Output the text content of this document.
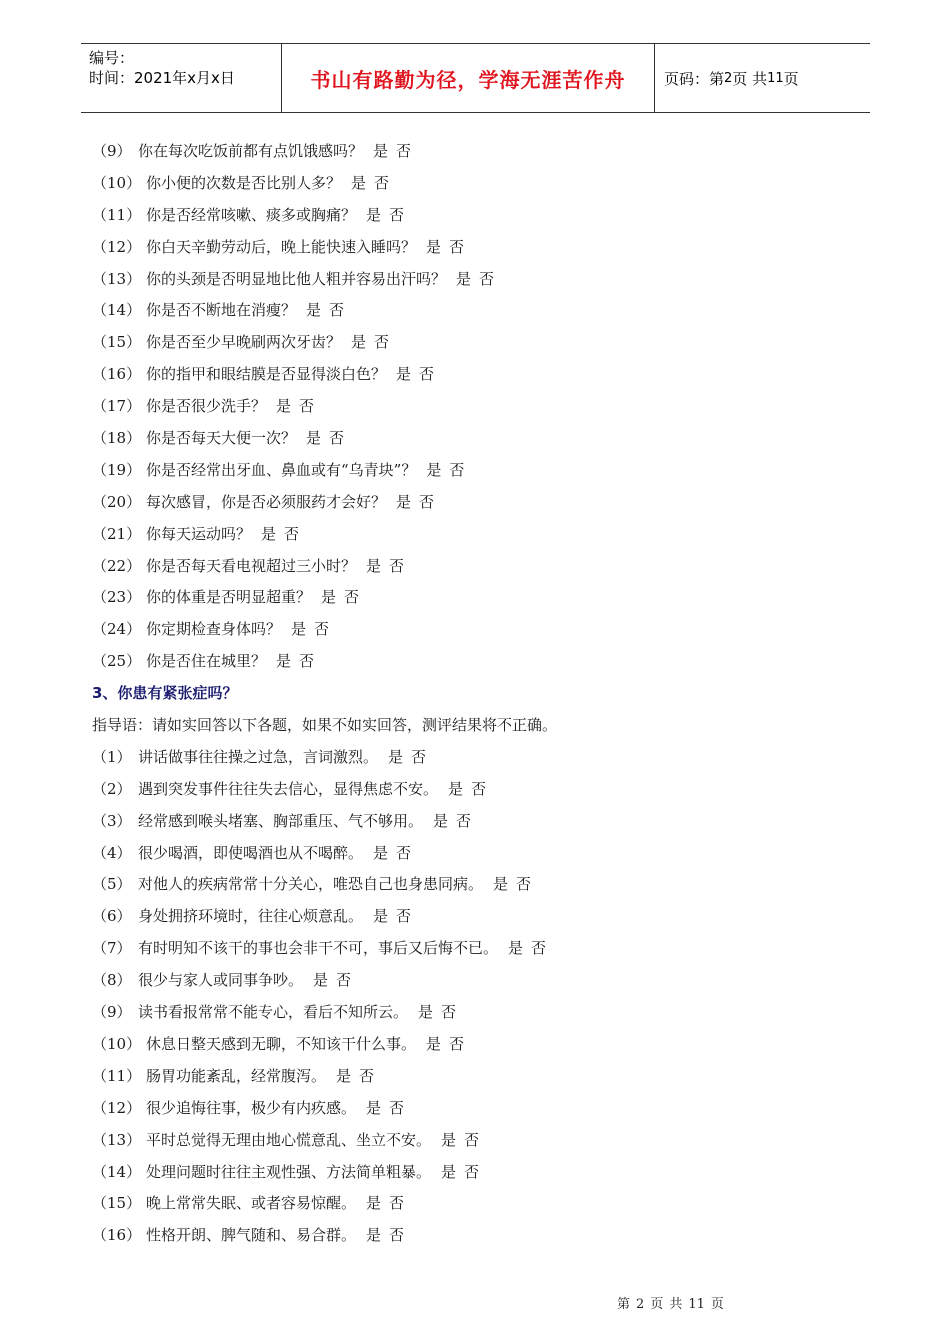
编号：
时间：2021年x月x日	书山有路勤为径，学海无涯苦作舟	页码：第 2 页 共 11 页
（9） 你在每次吃饭前都有点饥饿感吗？ 是 否
（10） 你小便的次数是否比别人多？ 是 否
（11） 你是否经常咳嗽、痰多或胸痛？ 是 否
（12） 你白天辛勤劳动后，晚上能快速入睡吗？ 是 否
（13） 你的头颈是否明显地比他人粗并容易出汗吗？ 是 否
（14） 你是否不断地在消瘦？ 是 否
（15） 你是否至少早晚刷两次牙齿？ 是 否
（16） 你的指甲和眼结膜是否显得淡白色？ 是 否
（17） 你是否很少洗手？ 是 否
（18） 你是否每天大便一次？ 是 否
（19） 你是否经常出牙血、鼻血或有“乌青块”？ 是 否
（20） 每次感冒，你是否必须服药才会好？ 是 否
（21） 你每天运动吗？ 是 否
（22） 你是否每天看电视超过三小时？ 是 否
（23） 你的体重是否明显超重？ 是 否
（24） 你定期检查身体吗？ 是 否
（25） 你是否住在城里？ 是 否
3、你患有紧张症吗？
指导语：请如实回答以下各题，如果不如实回答，测评结果将不正确。
（1） 讲话做事往往操之过急，言词激烈。 是 否
（2） 遇到突发事件往往失去信心，显得焦虑不安。 是 否
（3） 经常感到喉头堵塞、胸部重压、气不够用。 是 否
（4） 很少喝酒，即使喝酒也从不喝醉。 是 否
（5） 对他人的疾病常常十分关心，唯恐自己也身患同病。 是 否
（6） 身处拥挤环境时，往往心烦意乱。 是 否
（7） 有时明知不该干的事也会非干不可，事后又后悔不已。 是 否
（8） 很少与家人或同事争吵。 是 否
（9） 读书看报常常不能专心，看后不知所云。 是 否
（10） 休息日整天感到无聊，不知该干什么事。 是 否
（11） 肠胃功能紊乱，经常腹泻。 是 否
（12） 很少追悔往事，极少有内疚感。 是 否
（13） 平时总觉得无理由地心慌意乱、坐立不安。 是 否
（14） 处理问题时往往主观性强、方法简单粗暴。 是 否
（15） 晚上常常失眠、或者容易惊醒。 是 否
（16） 性格开朗、脾气随和、易合群。 是 否
第 2 页 共 11 页
